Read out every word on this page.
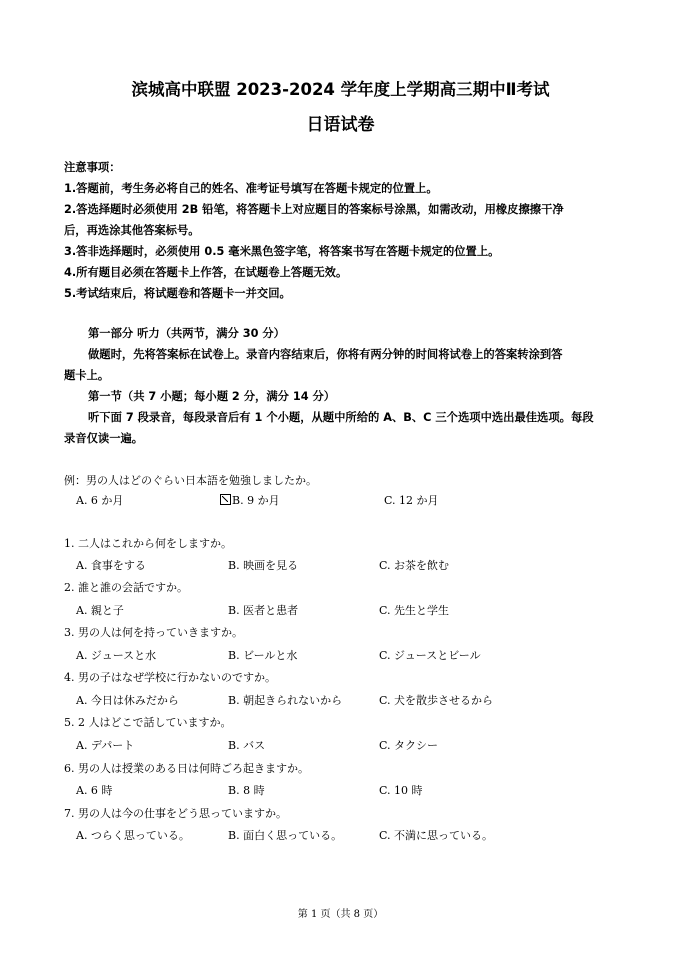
滨城高中联盟 2023-2024 学年度上学期高三期中Ⅱ考试
日语试卷
注意事项：
1.答题前，考生务必将自己的姓名、准考证号填写在答题卡规定的位置上。
2.答选择题时必须使用 2B 铅笔，将答题卡上对应题目的答案标号涂黑，如需改动，用橡皮擦擦干净
后，再选涂其他答案标号。
3.答非选择题时，必须使用 0.5 毫米黑色签字笔，将答案书写在答题卡规定的位置上。
4.所有题目必须在答题卡上作答，在试题卷上答题无效。
5.考试结束后，将试题卷和答题卡一并交回。
第一部分 听力（共两节，满分 30 分）
做题时，先将答案标在试卷上。录音内容结束后，你将有两分钟的时间将试卷上的答案转涂到答
题卡上。
第一节（共 7 小题；每小题 2 分，满分 14 分）
听下面 7 段录音，每段录音后有 1 个小题，从题中所给的 A、B、C 三个选项中选出最佳选项。每段
录音仅读一遍。
例：男の人はどのぐらい日本語を勉強しましたか。
A. 6 か月	B. 9 か月	C. 12 か月
1. 二人はこれから何をしますか。
A. 食事をする	B. 映画を見る	C. お茶を飲む
2. 誰と誰の会話ですか。
A. 親と子	B. 医者と患者	C. 先生と学生
3. 男の人は何を持っていきますか。
A. ジュースと水	B. ビールと水	C. ジュースとビール
4. 男の子はなぜ学校に行かないのですか。
A. 今日は休みだから	B. 朝起きられないから	C. 犬を散歩させるから
5. 2 人はどこで話していますか。
A. デパート	B. バス	C. タクシー
6. 男の人は授業のある日は何時ごろ起きますか。
A. 6 時	B. 8 時	C. 10 時
7. 男の人は今の仕事をどう思っていますか。
A. つらく思っている。	B. 面白く思っている。	C. 不満に思っている。
第 1 页（共 8 页）
